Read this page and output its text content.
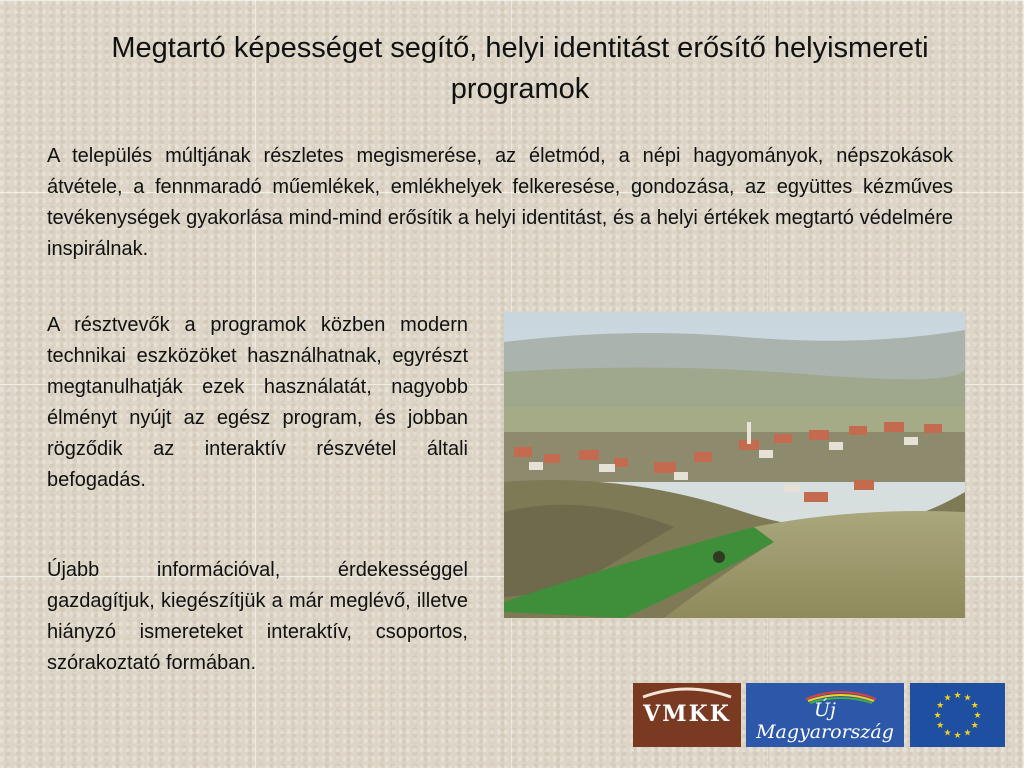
Megtartó képességet segítő, helyi identitást erősítő helyismereti programok
A település múltjának részletes megismerése, az életmód, a népi hagyományok, népszokások átvétele, a fennmaradó műemlékek, emlékhelyek felkeresése, gondozása, az együttes kézműves tevékenységek gyakorlása mind-mind erősítik a helyi identitást, és a helyi értékek megtartó védelmére inspirálnak.
A résztvevők a programok közben modern technikai eszközöket használhatnak, egyrészt megtanulhatják ezek használatát, nagyobb élményt nyújt az egész program, és jobban rögződik az interaktív részvétel általi befogadás.
Újabb információval, érdekességgel gazdagítjuk, kiegészítjük a már meglévő, illetve hiányzó ismereteket interaktív, csoportos, szórakoztató formában.
VMKK	Új Magyarország
★ ★
★
★
★
★
★
★
★
★
★
★
